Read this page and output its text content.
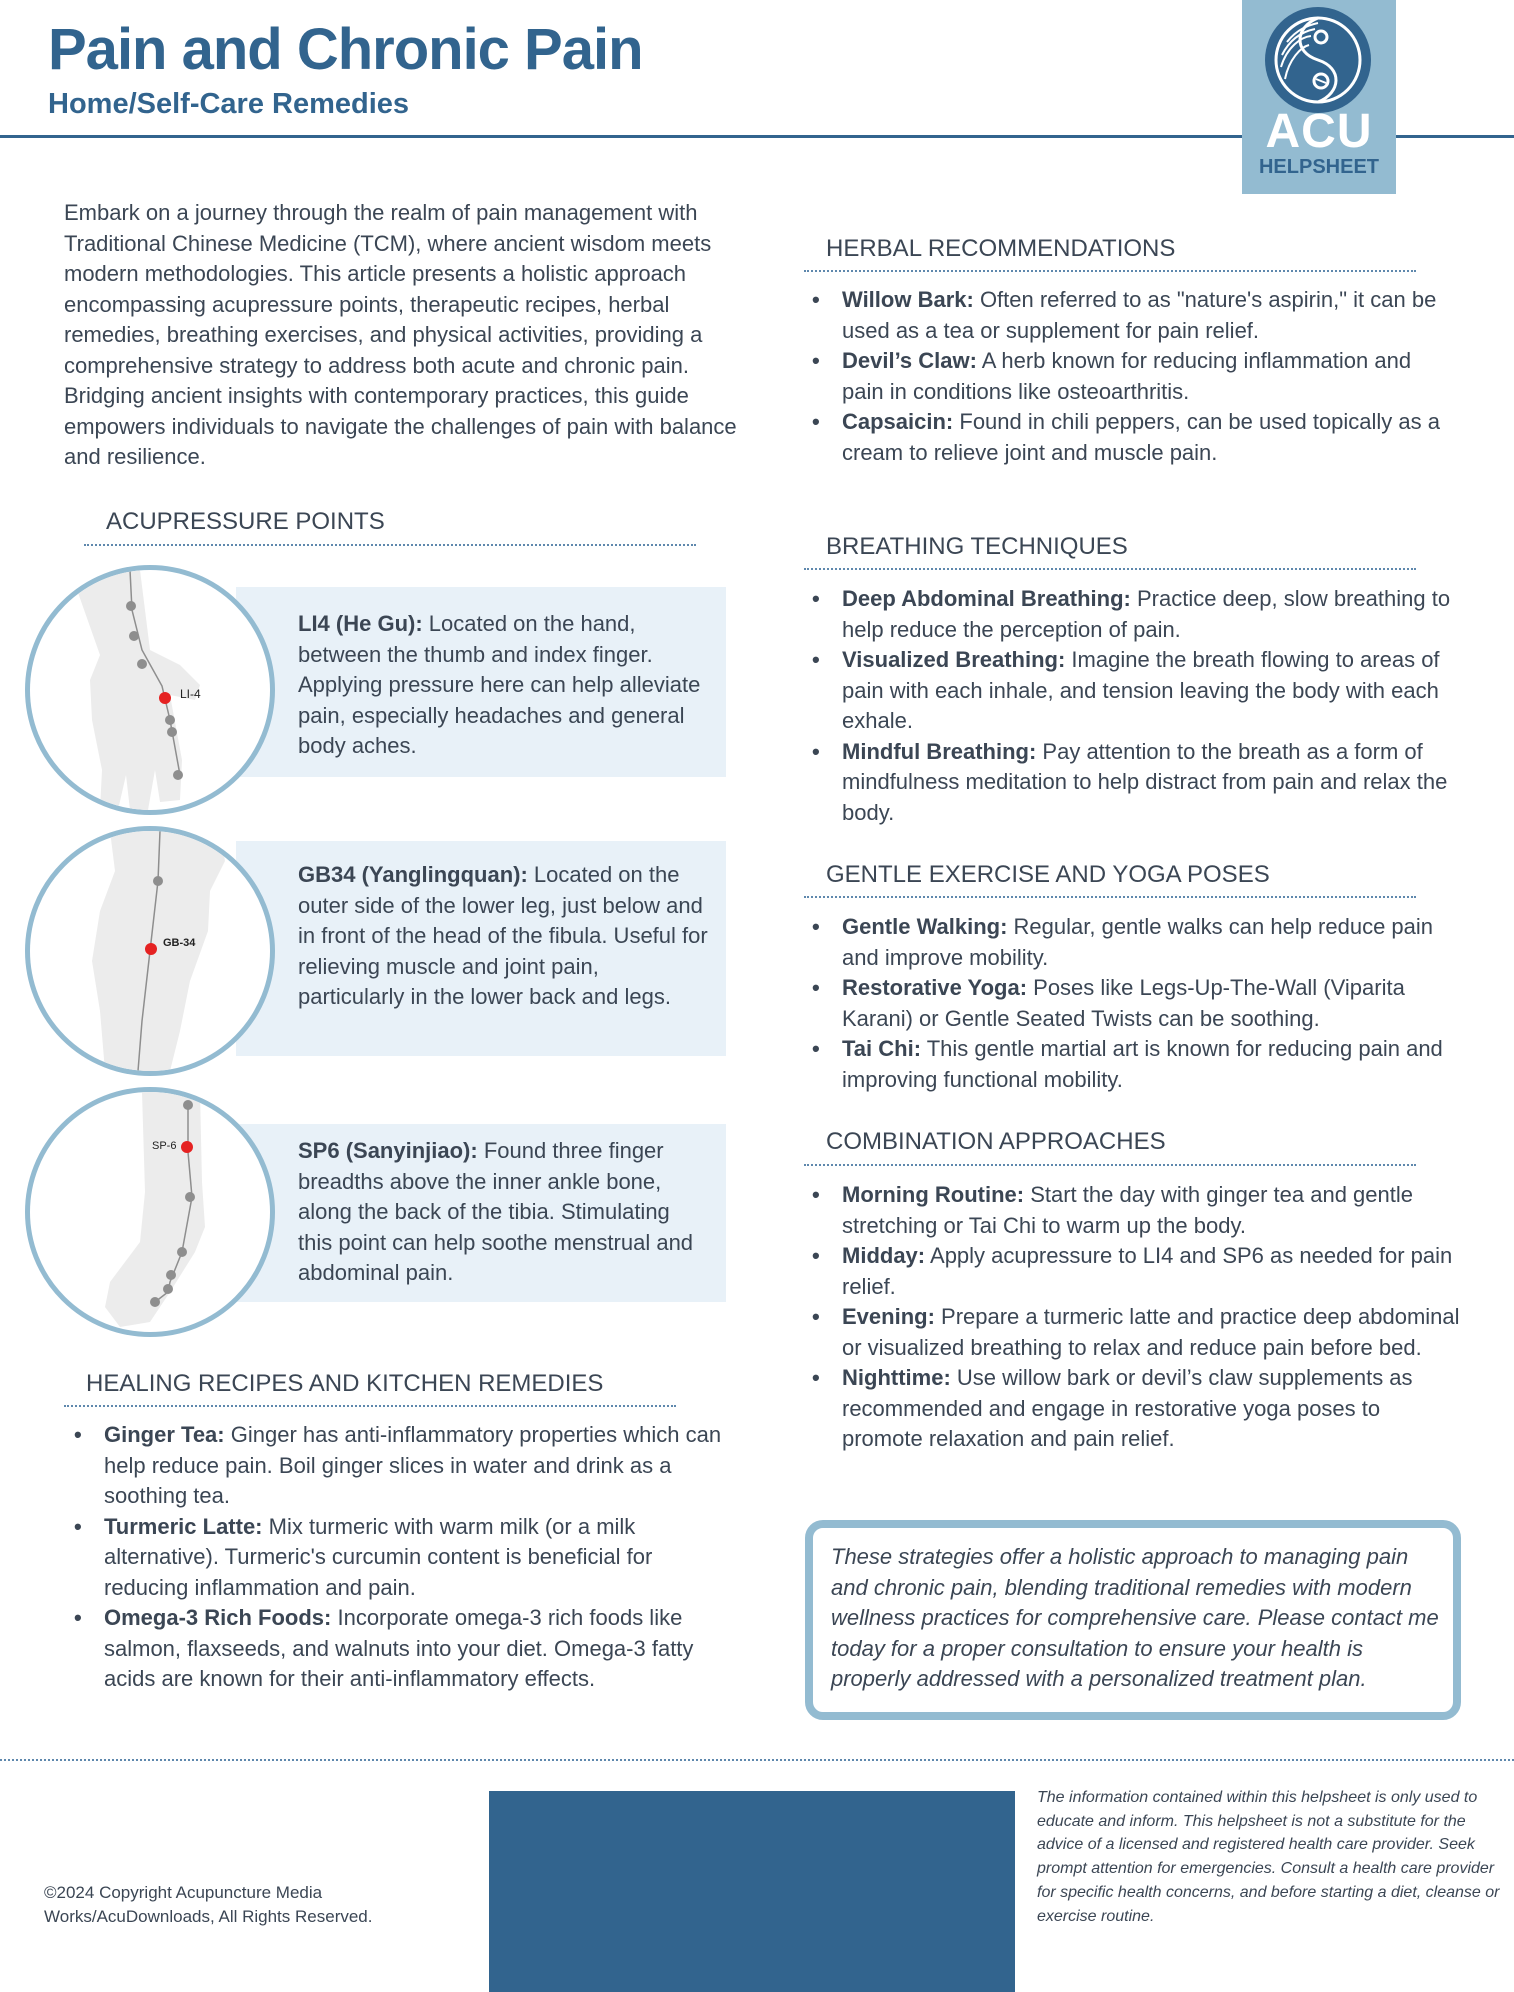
Pain and Chronic Pain
Home/Self-Care Remedies
ACU
HELPSHEET
Embark on a journey through the realm of pain management with Traditional Chinese Medicine (TCM), where ancient wisdom meets modern methodologies. This article presents a holistic approach encompassing acupressure points, therapeutic recipes, herbal remedies, breathing exercises, and physical activities, providing a comprehensive strategy to address both acute and chronic pain. Bridging ancient insights with contemporary practices, this guide empowers individuals to navigate the challenges of pain with balance and resilience.
ACUPRESSURE POINTS
LI4 (He Gu): Located on the hand, between the thumb and index finger. Applying pressure here can help alleviate pain, especially headaches and general body aches.
LI-4
GB34 (Yanglingquan): Located on the outer side of the lower leg, just below and in front of the head of the fibula. Useful for relieving muscle and joint pain, particularly in the lower back and legs.
GB-34
SP6 (Sanyinjiao): Found three finger breadths above the inner ankle bone, along the back of the tibia. Stimulating this point can help soothe menstrual and abdominal pain.
SP-6
HEALING RECIPES AND KITCHEN REMEDIES
• Ginger Tea: Ginger has anti-inflammatory properties which can help reduce pain. Boil ginger slices in water and drink as a soothing tea.
• Turmeric Latte: Mix turmeric with warm milk (or a milk alternative). Turmeric's curcumin content is beneficial for reducing inflammation and pain.
• Omega-3 Rich Foods: Incorporate omega-3 rich foods like salmon, flaxseeds, and walnuts into your diet. Omega-3 fatty acids are known for their anti-inflammatory effects.
HERBAL RECOMMENDATIONS
• Willow Bark: Often referred to as "nature's aspirin," it can be used as a tea or supplement for pain relief.
• Devil’s Claw: A herb known for reducing inflammation and pain in conditions like osteoarthritis.
• Capsaicin: Found in chili peppers, can be used topically as a cream to relieve joint and muscle pain.
BREATHING TECHNIQUES
• Deep Abdominal Breathing: Practice deep, slow breathing to help reduce the perception of pain.
• Visualized Breathing: Imagine the breath flowing to areas of pain with each inhale, and tension leaving the body with each exhale.
• Mindful Breathing: Pay attention to the breath as a form of mindfulness meditation to help distract from pain and relax the body.
GENTLE EXERCISE AND YOGA POSES
• Gentle Walking: Regular, gentle walks can help reduce pain and improve mobility.
• Restorative Yoga: Poses like Legs-Up-The-Wall (Viparita Karani) or Gentle Seated Twists can be soothing.
• Tai Chi: This gentle martial art is known for reducing pain and improving functional mobility.
COMBINATION APPROACHES
• Morning Routine: Start the day with ginger tea and gentle stretching or Tai Chi to warm up the body.
• Midday: Apply acupressure to LI4 and SP6 as needed for pain relief.
• Evening: Prepare a turmeric latte and practice deep abdominal or visualized breathing to relax and reduce pain before bed.
• Nighttime: Use willow bark or devil’s claw supplements as recommended and engage in restorative yoga poses to promote relaxation and pain relief.
These strategies offer a holistic approach to managing pain and chronic pain, blending traditional remedies with modern wellness practices for comprehensive care. Please contact me today for a proper consultation to ensure your health is properly addressed with a personalized treatment plan.
©2024 Copyright Acupuncture Media Works/AcuDownloads, All Rights Reserved.
The information contained within this helpsheet is only used to educate and inform. This helpsheet is not a substitute for the advice of a licensed and registered health care provider. Seek prompt attention for emergencies. Consult a health care provider for specific health concerns, and before starting a diet, cleanse or exercise routine.
